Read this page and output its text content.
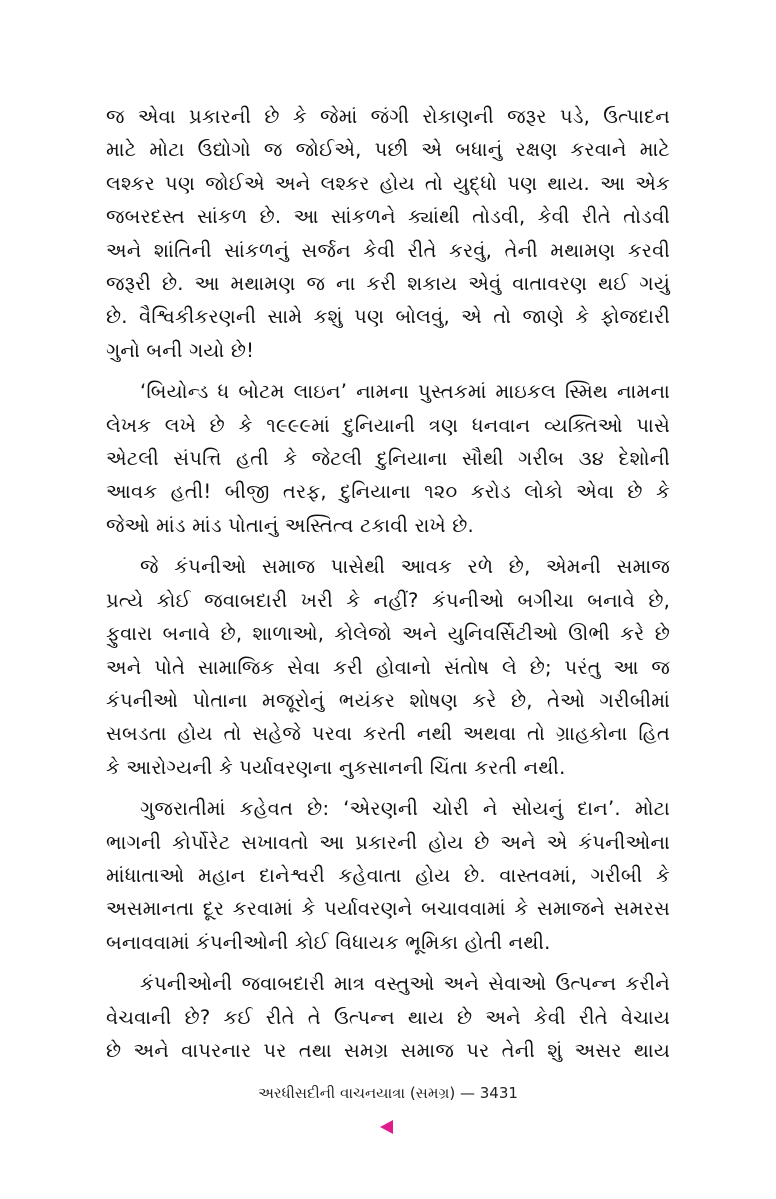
જ એવા પ્રકારની છે કે જેમાં જંગી રોકાણની જરૂર પડે, ઉત્પાદન

માટે મોટા ઉદ્યોગો જ જોઈએ, પછી એ બધાનું રક્ષણ કરવાને માટે

લશ્કર પણ જોઈએ અને લશ્કર હોય તો યુદ્ધો પણ થાય. આ એક

જબરદસ્ત સાંકળ છે. આ સાંકળને ક્યાંથી તોડવી, કેવી રીતે તોડવી

અને શાંતિની સાંકળનું સર્જન કેવી રીતે કરવું, તેની મથામણ કરવી

જરૂરી છે. આ મથામણ જ ના કરી શકાય એવું વાતાવરણ થઈ ગયું

છે. વૈશ્વિકીકરણની સામે કશું પણ બોલવું, એ તો જાણે કે ફોજદારી

ગુનો બની ગયો છે!

‘બિયોન્ડ ધ બોટમ લાઇન’ નામના પુસ્તકમાં માઇકલ સ્મિથ નામના

લેખક લખે છે કે ૧૯૯૯માં દુનિયાની ત્રણ ધનવાન વ્યક્તિઓ પાસે

એટલી સંપત્તિ હતી કે જેટલી દુનિયાના સૌથી ગરીબ ૩૪ દેશોની

આવક હતી! બીજી તરફ, દુનિયાના ૧૨૦ કરોડ લોકો એવા છે કે

જેઓ માંડ માંડ પોતાનું અસ્તિત્વ ટકાવી રાખે છે.

જે કંપનીઓ સમાજ પાસેથી આવક રળે છે, એમની સમાજ

પ્રત્યે કોઈ જવાબદારી ખરી કે નહીં? કંપનીઓ બગીચા બનાવે છે,

ફુવારા બનાવે છે, શાળાઓ, કોલેજો અને યુનિવર્સિટીઓ ઊભી કરે છે

અને પોતે સામાજિક સેવા કરી હોવાનો સંતોષ લે છે; પરંતુ આ જ

કંપનીઓ પોતાના મજૂરોનું ભયંકર શોષણ કરે છે, તેઓ ગરીબીમાં

સબડતા હોય તો સહેજે પરવા કરતી નથી અથવા તો ગ્રાહકોના હિત

કે આરોગ્યની કે પર્યાવરણના નુકસાનની ચિંતા કરતી નથી.

ગુજરાતીમાં કહેવત છે: ‘એરણની ચોરી ને સોયનું દાન’. મોટા

ભાગની કોર્પોરેટ સખાવતો આ પ્રકારની હોય છે અને એ કંપનીઓના

માંધાતાઓ મહાન દાનેશ્વરી કહેવાતા હોય છે. વાસ્તવમાં, ગરીબી કે

અસમાનતા દૂર કરવામાં કે પર્યાવરણને બચાવવામાં કે સમાજને સમરસ

બનાવવામાં કંપનીઓની કોઈ વિધાયક ભૂમિકા હોતી નથી.

કંપનીઓની જવાબદારી માત્ર વસ્તુઓ અને સેવાઓ ઉત્પન્ન કરીને

વેચવાની છે? કઈ રીતે તે ઉત્પન્ન થાય છે અને કેવી રીતે વેચાય

છે અને વાપરનાર પર તથા સમગ્ર સમાજ પર તેની શું અસર થાય

અરધીસદીની વાચનયાત્રા (સમગ્ર) — 3431
